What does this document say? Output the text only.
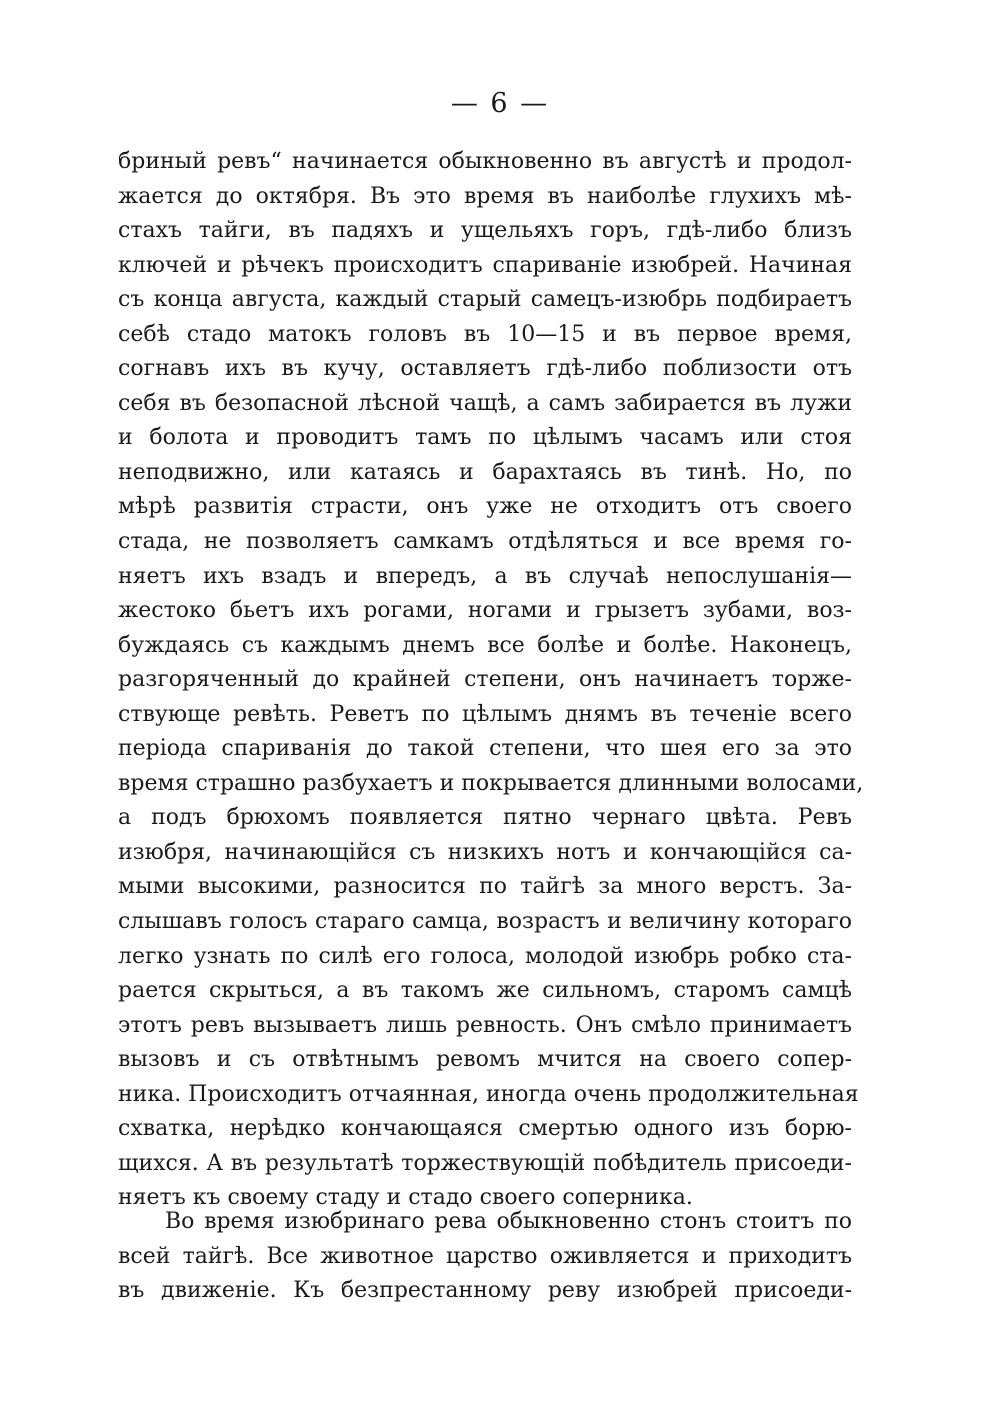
— 6 —
бриный ревъ“ начинается обыкновенно въ августѣ и продол-
жается до октября. Въ это время въ наиболѣе глухихъ мѣ-
стахъ тайги, въ падяхъ и ущельяхъ горъ, гдѣ-либо близъ
ключей и рѣчекъ происходитъ спариваніе изюбрей. Начиная
съ конца августа, каждый старый самецъ-изюбрь подбираетъ
себѣ стадо матокъ головъ въ 10—15 и въ первое время,
согнавъ ихъ въ кучу, оставляетъ гдѣ-либо поблизости отъ
себя въ безопасной лѣсной чащѣ, а самъ забирается въ лужи
и болота и проводитъ тамъ по цѣлымъ часамъ или стоя
неподвижно, или катаясь и барахтаясь въ тинѣ. Но, по
мѣрѣ развитія страсти, онъ уже не отходитъ отъ своего
стада, не позволяетъ самкамъ отдѣляться и все время го-
няетъ ихъ взадъ и впередъ, а въ случаѣ непослушанія—
жестоко бьетъ ихъ рогами, ногами и грызетъ зубами, воз-
буждаясь съ каждымъ днемъ все болѣе и болѣе. Наконецъ,
разгоряченный до крайней степени, онъ начинаетъ торже-
ствующе ревѣть. Реветъ по цѣлымъ днямъ въ теченіе всего
періода спариванія до такой степени, что шея его за это
время страшно разбухаетъ и покрывается длинными волосами,
а подъ брюхомъ появляется пятно чернаго цвѣта. Ревъ
изюбря, начинающійся съ низкихъ нотъ и кончающійся са-
мыми высокими, разносится по тайгѣ за много верстъ. За-
слышавъ голосъ стараго самца, возрастъ и величину котораго
легко узнать по силѣ его голоса, молодой изюбрь робко ста-
рается скрыться, а въ такомъ же сильномъ, старомъ самцѣ
этотъ ревъ вызываетъ лишь ревность. Онъ смѣло принимаетъ
вызовъ и съ отвѣтнымъ ревомъ мчится на своего сопер-
ника. Происходитъ отчаянная, иногда очень продолжительная
схватка, нерѣдко кончающаяся смертью одного изъ борю-
щихся. А въ результатѣ торжествующій побѣдитель присоеди-
няетъ къ своему стаду и стадо своего соперника.
Во время изюбринаго рева обыкновенно стонъ стоитъ по
всей тайгѣ. Все животное царство оживляется и приходитъ
въ движеніе. Къ безпрестанному реву изюбрей присоеди-
